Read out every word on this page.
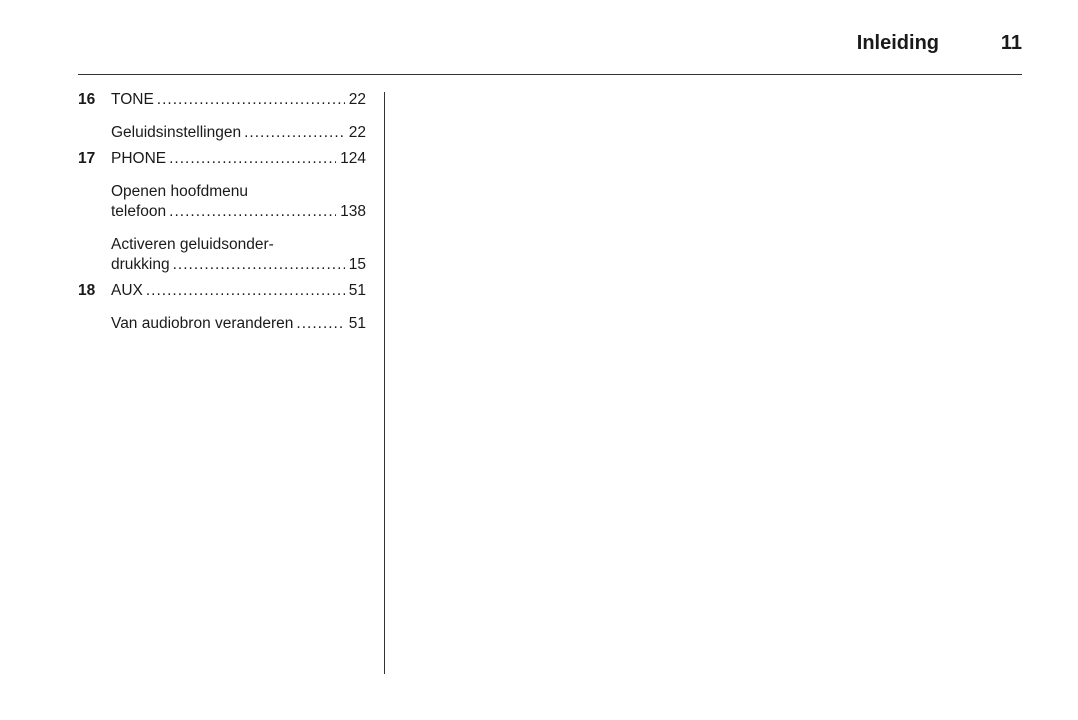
Inleiding	11
16 TONE .....	22
Geluidsinstellingen .....	22
17 PHONE .....	124
Openen hoofdmenu
telefoon .....	138
Activeren geluidsonder-
drukking .....	15
18 AUX .....	51
Van audiobron veranderen .....	51
